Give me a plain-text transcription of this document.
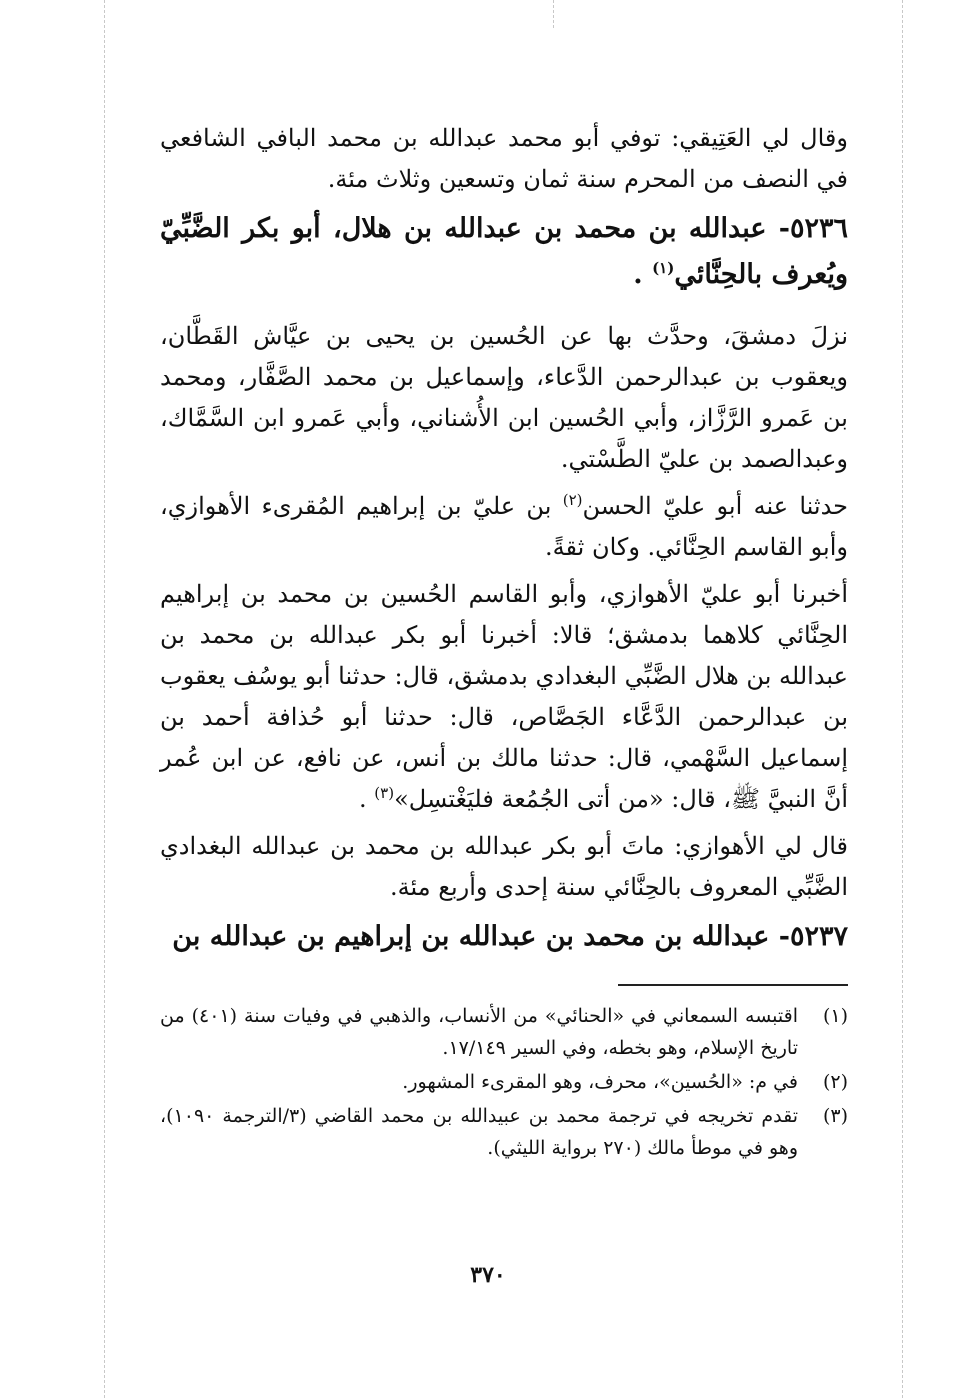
وقال لي العَتِيقي: توفي أبو محمد عبدالله بن محمد البافي الشافعي في النصف من المحرم سنة ثمان وتسعين وثلاث مئة.

٥٢٣٦- عبدالله بن محمد بن عبدالله بن هلال، أبو بكر الضَّبِّيّ ويُعرف بالحِنَّائي$^{(١)}$ .

نزلَ دمشقَ، وحدَّث بها عن الحُسين بن يحيى بن عيَّاش القَطَّان، ويعقوب بن عبدالرحمن الدَّعاء، وإسماعيل بن محمد الصَّفَّار، ومحمد بن عَمرو الرَّزَّاز، وأبي الحُسين ابن الأُشناني، وأبي عَمرو ابن السَّمَّاك، وعبدالصمد بن عليّ الطَّسْتي.

حدثنا عنه أبو عليّ الحسن$^{(٢)}$ بن عليّ بن إبراهيم المُقرىء الأهوازي، وأبو القاسم الحِنَّائي. وكان ثقةً.

أخبرنا أبو عليّ الأهوازي، وأبو القاسم الحُسين بن محمد بن إبراهيم الحِنَّائي كلاهما بدمشق؛ قالا: أخبرنا أبو بكر عبدالله بن محمد بن عبدالله بن هلال الضَّبِّي البغدادي بدمشق، قال: حدثنا أبو يوسُف يعقوب بن عبدالرحمن الدَّعَّاء الجَصَّاص، قال: حدثنا أبو حُذافة أحمد بن إسماعيل السَّهْمي، قال: حدثنا مالك بن أنس، عن نافع، عن ابن عُمر أنَّ النبيَّ ﷺ، قال: «من أتى الجُمُعة فليَغْتسِل»$^{(٣)}$ .

قال لي الأهوازي: ماتَ أبو بكر عبدالله بن محمد بن عبدالله البغدادي الضَّبِّي المعروف بالحِنَّائي سنة إحدى وأربع مئة.

٥٢٣٧- عبدالله بن محمد بن عبدالله بن إبراهيم بن عبدالله بن

(١)
اقتبسه السمعاني في «الحنائي» من الأنساب، والذهبي في وفيات سنة (٤٠١) من تاريخ الإسلام، وهو بخطه، وفي السير ١٧/١٤٩.
(٢)
في م: «الحُسين»، محرف، وهو المقرىء المشهور.
(٣)
تقدم تخريجه في ترجمة محمد بن عبيدالله بن محمد القاضي (٣/الترجمة ١٠٩٠)، وهو في موطأ مالك (٢٧٠ برواية الليثي).
٣٧٠
